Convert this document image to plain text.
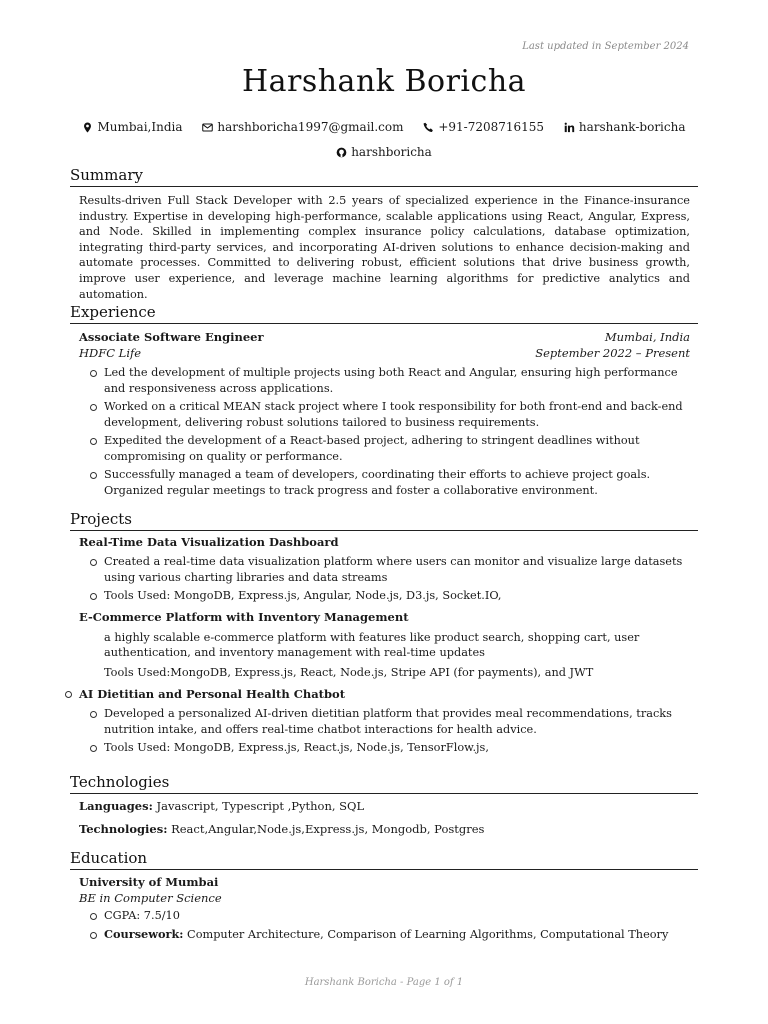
Last updated in September 2024
Harshank Boricha
Mumbai,India
	harshboricha1997@gmail.com
	+91-7208716155
	harshank-boricha

harshboricha
Summary

Results-driven Full Stack Developer with 2.5 years of specialized experience in the Finance-insurance industry. Expertise in developing high-performance, scalable applications using React, Angular, Express, and Node. Skilled in implementing complex insurance policy calculations, database optimization, integrating third-party services, and incorporating AI-driven solutions to enhance decision-making and automate processes. Committed to delivering robust, efficient solutions that drive business growth, improve user experience, and leverage machine learning algorithms for predictive analytics and automation.

Experience
Associate Software Engineer	Mumbai, India
HDFC Life	September 2022 – Present
Led the development of multiple projects using both React and Angular, ensuring high performance and responsiveness across applications.
Worked on a critical MEAN stack project where I took responsibility for both front-end and back-end development, delivering robust solutions tailored to business requirements.
Expedited the development of a React-based project, adhering to stringent deadlines without compromising on quality or performance.
Successfully managed a team of developers, coordinating their efforts to achieve project goals. Organized regular meetings to track progress and foster a collaborative environment.
Projects
Real-Time Data Visualization Dashboard
Created a real-time data visualization platform where users can monitor and visualize large datasets using various charting libraries and data streams
Tools Used: MongoDB, Express.js, Angular, Node.js, D3.js, Socket.IO,
E-Commerce Platform with Inventory Management
a highly scalable e-commerce platform with features like product search, shopping cart, user authentication, and inventory management with real-time updates
Tools Used:MongoDB, Express.js, React, Node.js, Stripe API (for payments), and JWT
AI Dietitian and Personal Health Chatbot
Developed a personalized AI-driven dietitian platform that provides meal recommendations, tracks nutrition intake, and offers real-time chatbot interactions for health advice.
Tools Used: MongoDB, Express.js, React.js, Node.js, TensorFlow.js,
Technologies
Languages: Javascript, Typescript ,Python, SQL
Technologies: React,Angular,Node.js,Express.js, Mongodb, Postgres
Education
University of Mumbai
BE in Computer Science
CGPA: 7.5/10
Coursework: Computer Architecture, Comparison of Learning Algorithms, Computational Theory
Harshank Boricha - Page 1 of 1
